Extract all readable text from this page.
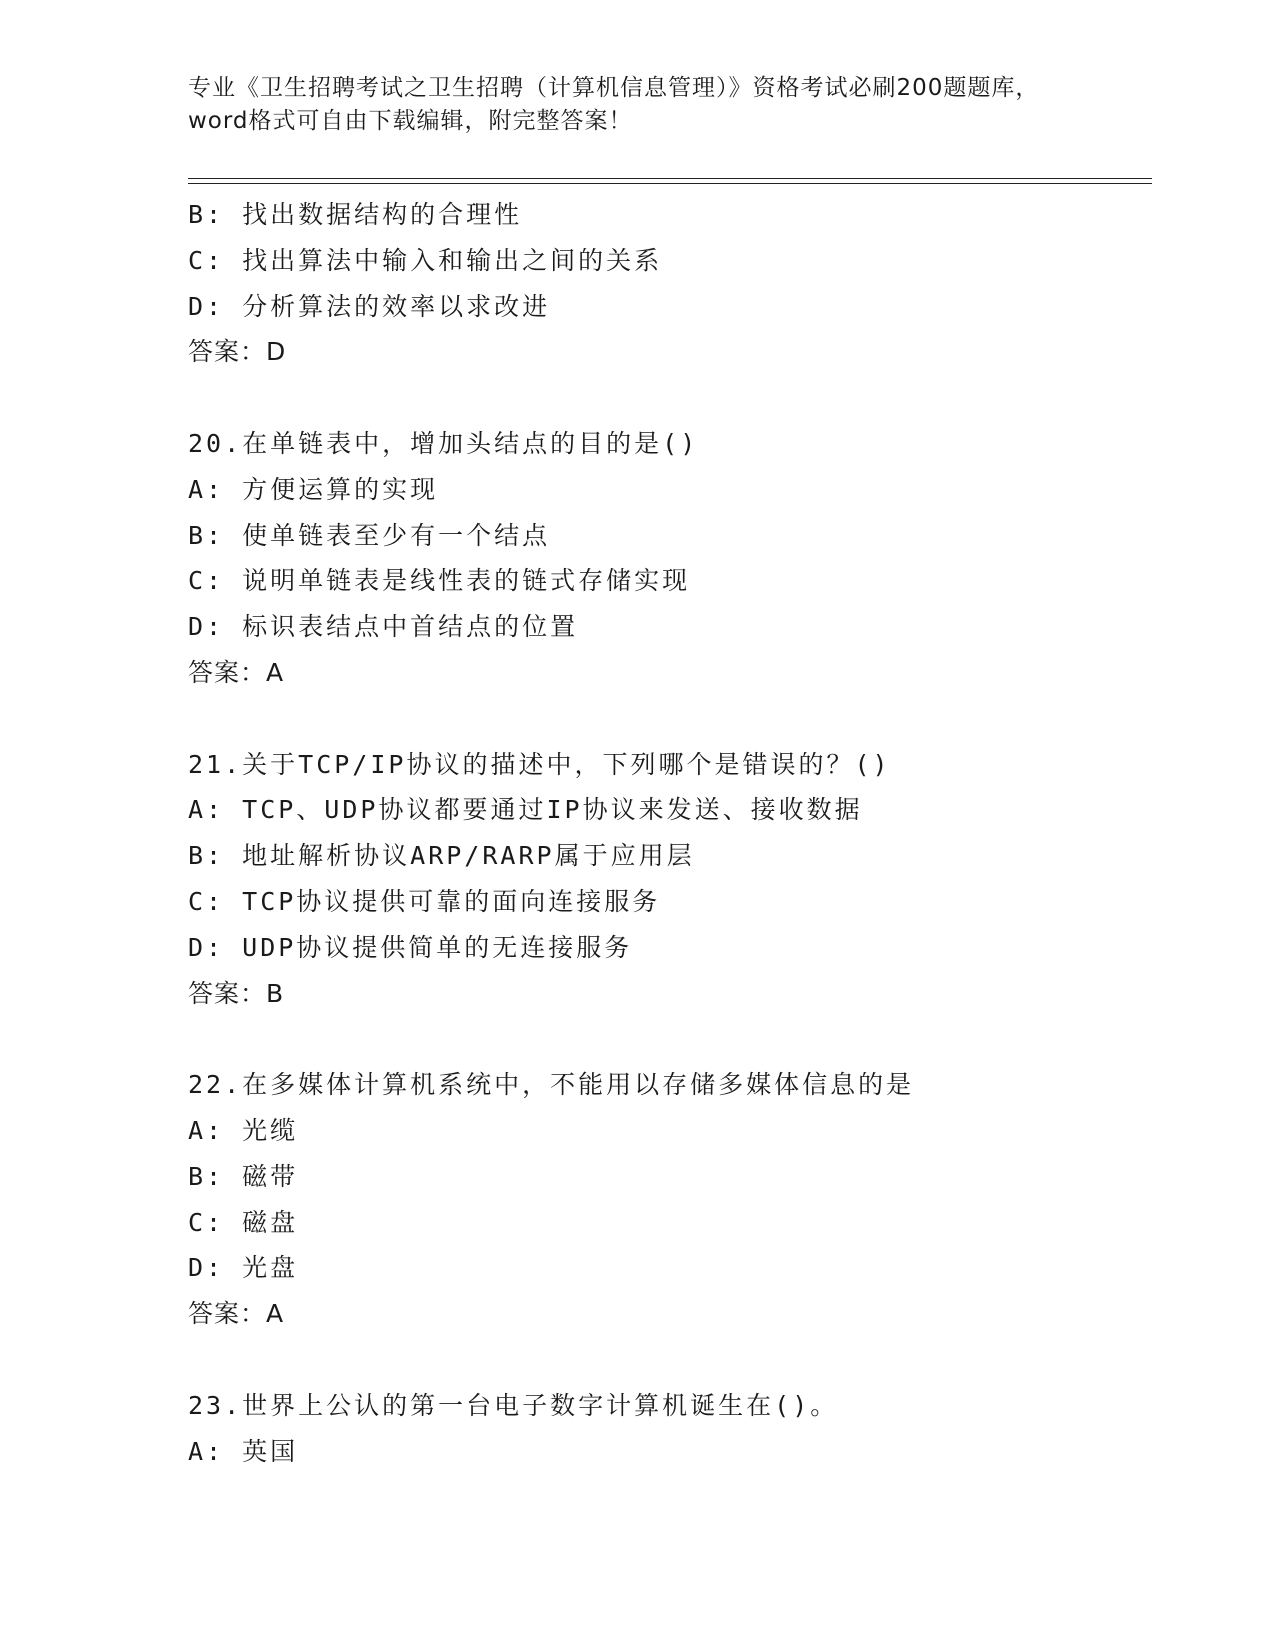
专业《卫生招聘考试之卫生招聘（计算机信息管理）》资格考试必刷200题题库，
word格式可自由下载编辑，附完整答案！
B: 找出数据结构的合理性
C: 找出算法中输入和输出之间的关系
D: 分析算法的效率以求改进
答案：D
20.在单链表中，增加头结点的目的是()
A: 方便运算的实现
B: 使单链表至少有一个结点
C: 说明单链表是线性表的链式存储实现
D: 标识表结点中首结点的位置
答案：A
21.关于TCP/IP协议的描述中，下列哪个是错误的？()
A: TCP、UDP协议都要通过IP协议来发送、接收数据
B: 地址解析协议ARP/RARP属于应用层
C: TCP协议提供可靠的面向连接服务
D: UDP协议提供简单的无连接服务
答案：B
22.在多媒体计算机系统中，不能用以存储多媒体信息的是
A: 光缆
B: 磁带
C: 磁盘
D: 光盘
答案：A
23.世界上公认的第一台电子数字计算机诞生在()。
A: 英国
